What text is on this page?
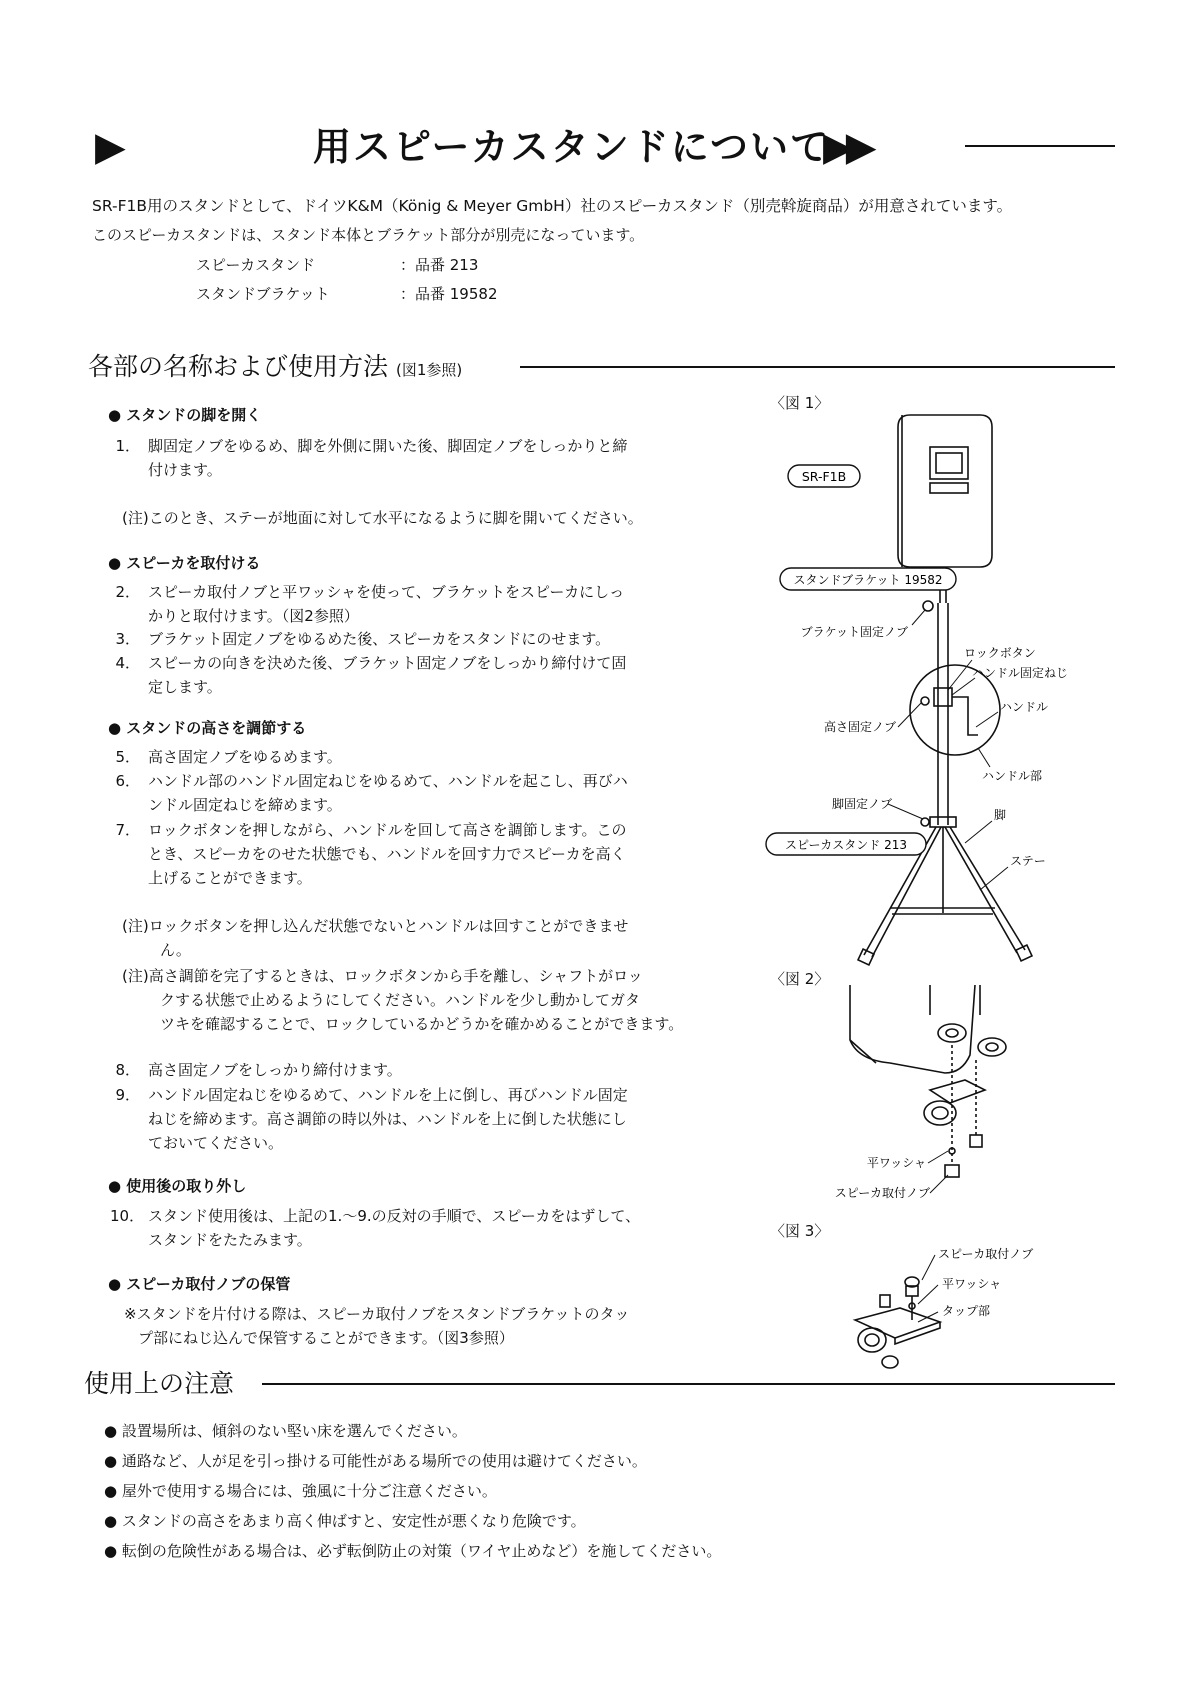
▶	用スピーカスタンドについて
▶▶
SR-F1B用のスタンドとして、ドイツK&M（König & Meyer GmbH）社のスピーカスタンド（別売斡旋商品）が用意されています。
このスピーカスタンドは、スタンド本体とブラケット部分が別売になっています。
スピーカスタンド	：品番 213
スタンドブラケット	：品番 19582
各部の名称および使用方法 (図1参照)
● スタンドの脚を開く
1． 脚固定ノブをゆるめ、脚を外側に開いた後、脚固定ノブをしっかりと締
付けます。
(注)このとき、ステーが地面に対して水平になるように脚を開いてください。
● スピーカを取付ける
2． スピーカ取付ノブと平ワッシャを使って、ブラケットをスピーカにしっ
かりと取付けます。（図2参照）
3． ブラケット固定ノブをゆるめた後、スピーカをスタンドにのせます。
4． スピーカの向きを決めた後、ブラケット固定ノブをしっかり締付けて固
定します。
● スタンドの高さを調節する
5． 高さ固定ノブをゆるめます。
6． ハンドル部のハンドル固定ねじをゆるめて、ハンドルを起こし、再びハ
ンドル固定ねじを締めます。
7． ロックボタンを押しながら、ハンドルを回して高さを調節します。この
とき、スピーカをのせた状態でも、ハンドルを回す力でスピーカを高く
上げることができます。
(注)ロックボタンを押し込んだ状態でないとハンドルは回すことができませ
ん。
(注)高さ調節を完了するときは、ロックボタンから手を離し、シャフトがロッ
クする状態で止めるようにしてください。ハンドルを少し動かしてガタ
ツキを確認することで、ロックしているかどうかを確かめることができます。
8． 高さ固定ノブをしっかり締付けます。
9． ハンドル固定ねじをゆるめて、ハンドルを上に倒し、再びハンドル固定
ねじを締めます。高さ調節の時以外は、ハンドルを上に倒した状態にし
ておいてください。
● 使用後の取り外し
10． スタンド使用後は、上記の1.～9.の反対の手順で、スピーカをはずして、
スタンドをたたみます。
● スピーカ取付ノブの保管
※スタンドを片付ける際は、スピーカ取付ノブをスタンドブラケットのタッ
プ部にねじ込んで保管することができます。（図3参照）
〈図 1〉
SR-F1B
スタンドブラケット 19582
スピーカスタンド 213
ブラケット固定ノブ
ロックボタン
ハンドル固定ねじ
ハンドル
高さ固定ノブ
ハンドル部
脚固定ノブ
脚
ステー
〈図 2〉
平ワッシャ
スピーカ取付ノブ
〈図 3〉
スピーカ取付ノブ
平ワッシャ
タップ部
使用上の注意
● 設置場所は、傾斜のない堅い床を選んでください。
● 通路など、人が足を引っ掛ける可能性がある場所での使用は避けてください。
● 屋外で使用する場合には、強風に十分ご注意ください。
● スタンドの高さをあまり高く伸ばすと、安定性が悪くなり危険です。
● 転倒の危険性がある場合は、必ず転倒防止の対策（ワイヤ止めなど）を施してください。
